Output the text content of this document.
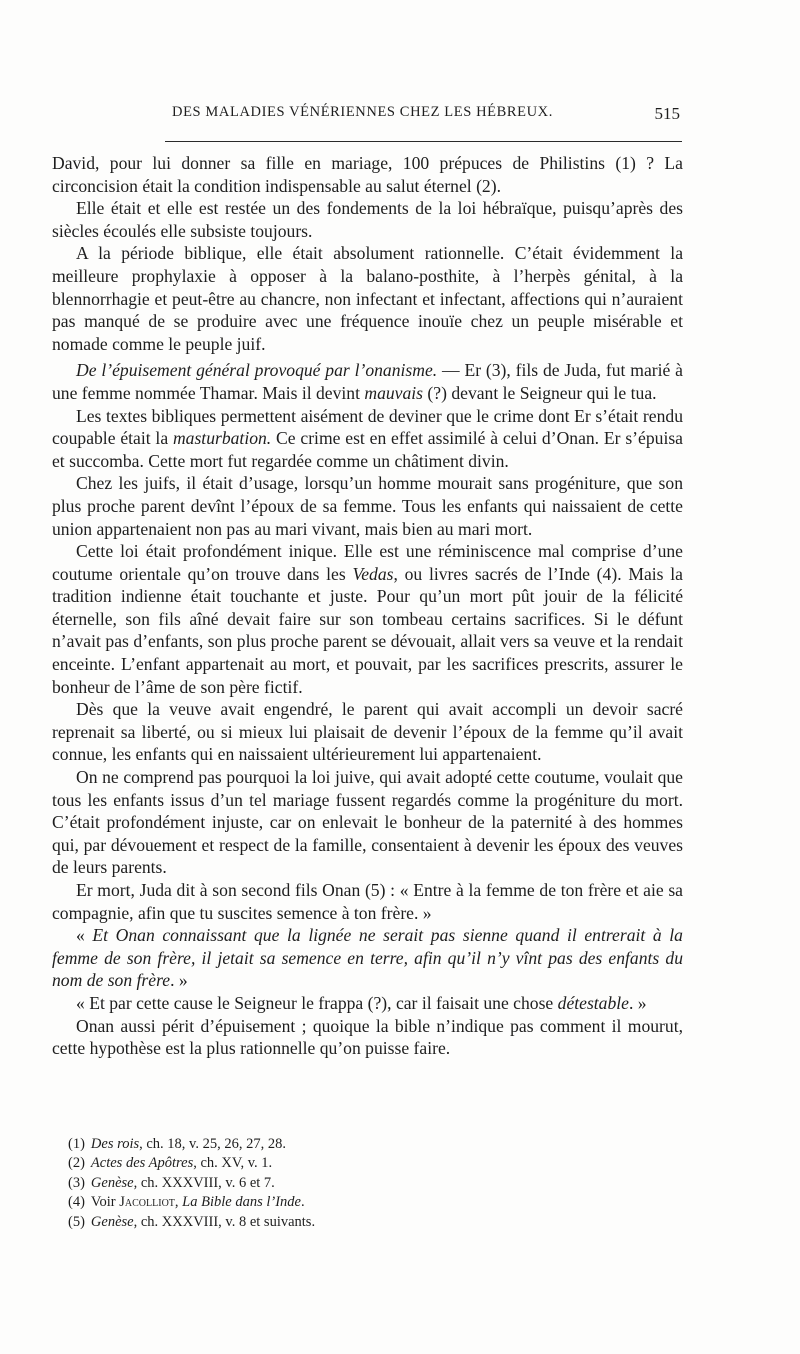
DES MALADIES VÉNÉRIENNES CHEZ LES HÉBREUX.	515

David, pour lui donner sa fille en mariage, 100 prépuces de Philistins (1) ? La circoncision était la condition indispensable au salut éternel (2).

Elle était et elle est restée un des fondements de la loi hébraïque, puisqu’après des siècles écoulés elle subsiste toujours.

A la période biblique, elle était absolument rationnelle. C’était évidemment la meilleure prophylaxie à opposer à la balano-posthite, à l’herpès génital, à la blennorrhagie et peut-être au chancre, non infectant et infectant, affections qui n’auraient pas manqué de se produire avec une fréquence inouïe chez un peuple misérable et nomade comme le peuple juif.

De l’épuisement général provoqué par l’onanisme. — Er (3), fils de Juda, fut marié à une femme nommée Thamar. Mais il devint mauvais (?) devant le Seigneur qui le tua.

Les textes bibliques permettent aisément de deviner que le crime dont Er s’était rendu coupable était la masturbation. Ce crime est en effet assimilé à celui d’Onan. Er s’épuisa et succomba. Cette mort fut regardée comme un châtiment divin.

Chez les juifs, il était d’usage, lorsqu’un homme mourait sans progéniture, que son plus proche parent devînt l’époux de sa femme. Tous les enfants qui naissaient de cette union appartenaient non pas au mari vivant, mais bien au mari mort.

Cette loi était profondément inique. Elle est une réminiscence mal comprise d’une coutume orientale qu’on trouve dans les Vedas, ou livres sacrés de l’Inde (4). Mais la tradition indienne était touchante et juste. Pour qu’un mort pût jouir de la félicité éternelle, son fils aîné devait faire sur son tombeau certains sacrifices. Si le défunt n’avait pas d’enfants, son plus proche parent se dévouait, allait vers sa veuve et la rendait enceinte. L’enfant appartenait au mort, et pouvait, par les sacrifices prescrits, assurer le bonheur de l’âme de son père fictif.

Dès que la veuve avait engendré, le parent qui avait accompli un devoir sacré reprenait sa liberté, ou si mieux lui plaisait de devenir l’époux de la femme qu’il avait connue, les enfants qui en naissaient ultérieurement lui appartenaient.

On ne comprend pas pourquoi la loi juive, qui avait adopté cette coutume, voulait que tous les enfants issus d’un tel mariage fussent regardés comme la progéniture du mort. C’était profondément injuste, car on enlevait le bonheur de la paternité à des hommes qui, par dévouement et respect de la famille, consentaient à devenir les époux des veuves de leurs parents.

Er mort, Juda dit à son second fils Onan (5) : « Entre à la femme de ton frère et aie sa compagnie, afin que tu suscites semence à ton frère. »

« Et Onan connaissant que la lignée ne serait pas sienne quand il entrerait à la femme de son frère, il jetait sa semence en terre, afin qu’il n’y vînt pas des enfants du nom de son frère. »

« Et par cette cause le Seigneur le frappa (?), car il faisait une chose détestable. »

Onan aussi périt d’épuisement ; quoique la bible n’indique pas comment il mourut, cette hypothèse est la plus rationnelle qu’on puisse faire.

(1) Des rois, ch. 18, v. 25, 26, 27, 28.
(2) Actes des Apôtres, ch. XV, v. 1.
(3) Genèse, ch. XXXVIII, v. 6 et 7.
(4) Voir Jacolliot, La Bible dans l’Inde.
(5) Genèse, ch. XXXVIII, v. 8 et suivants.
